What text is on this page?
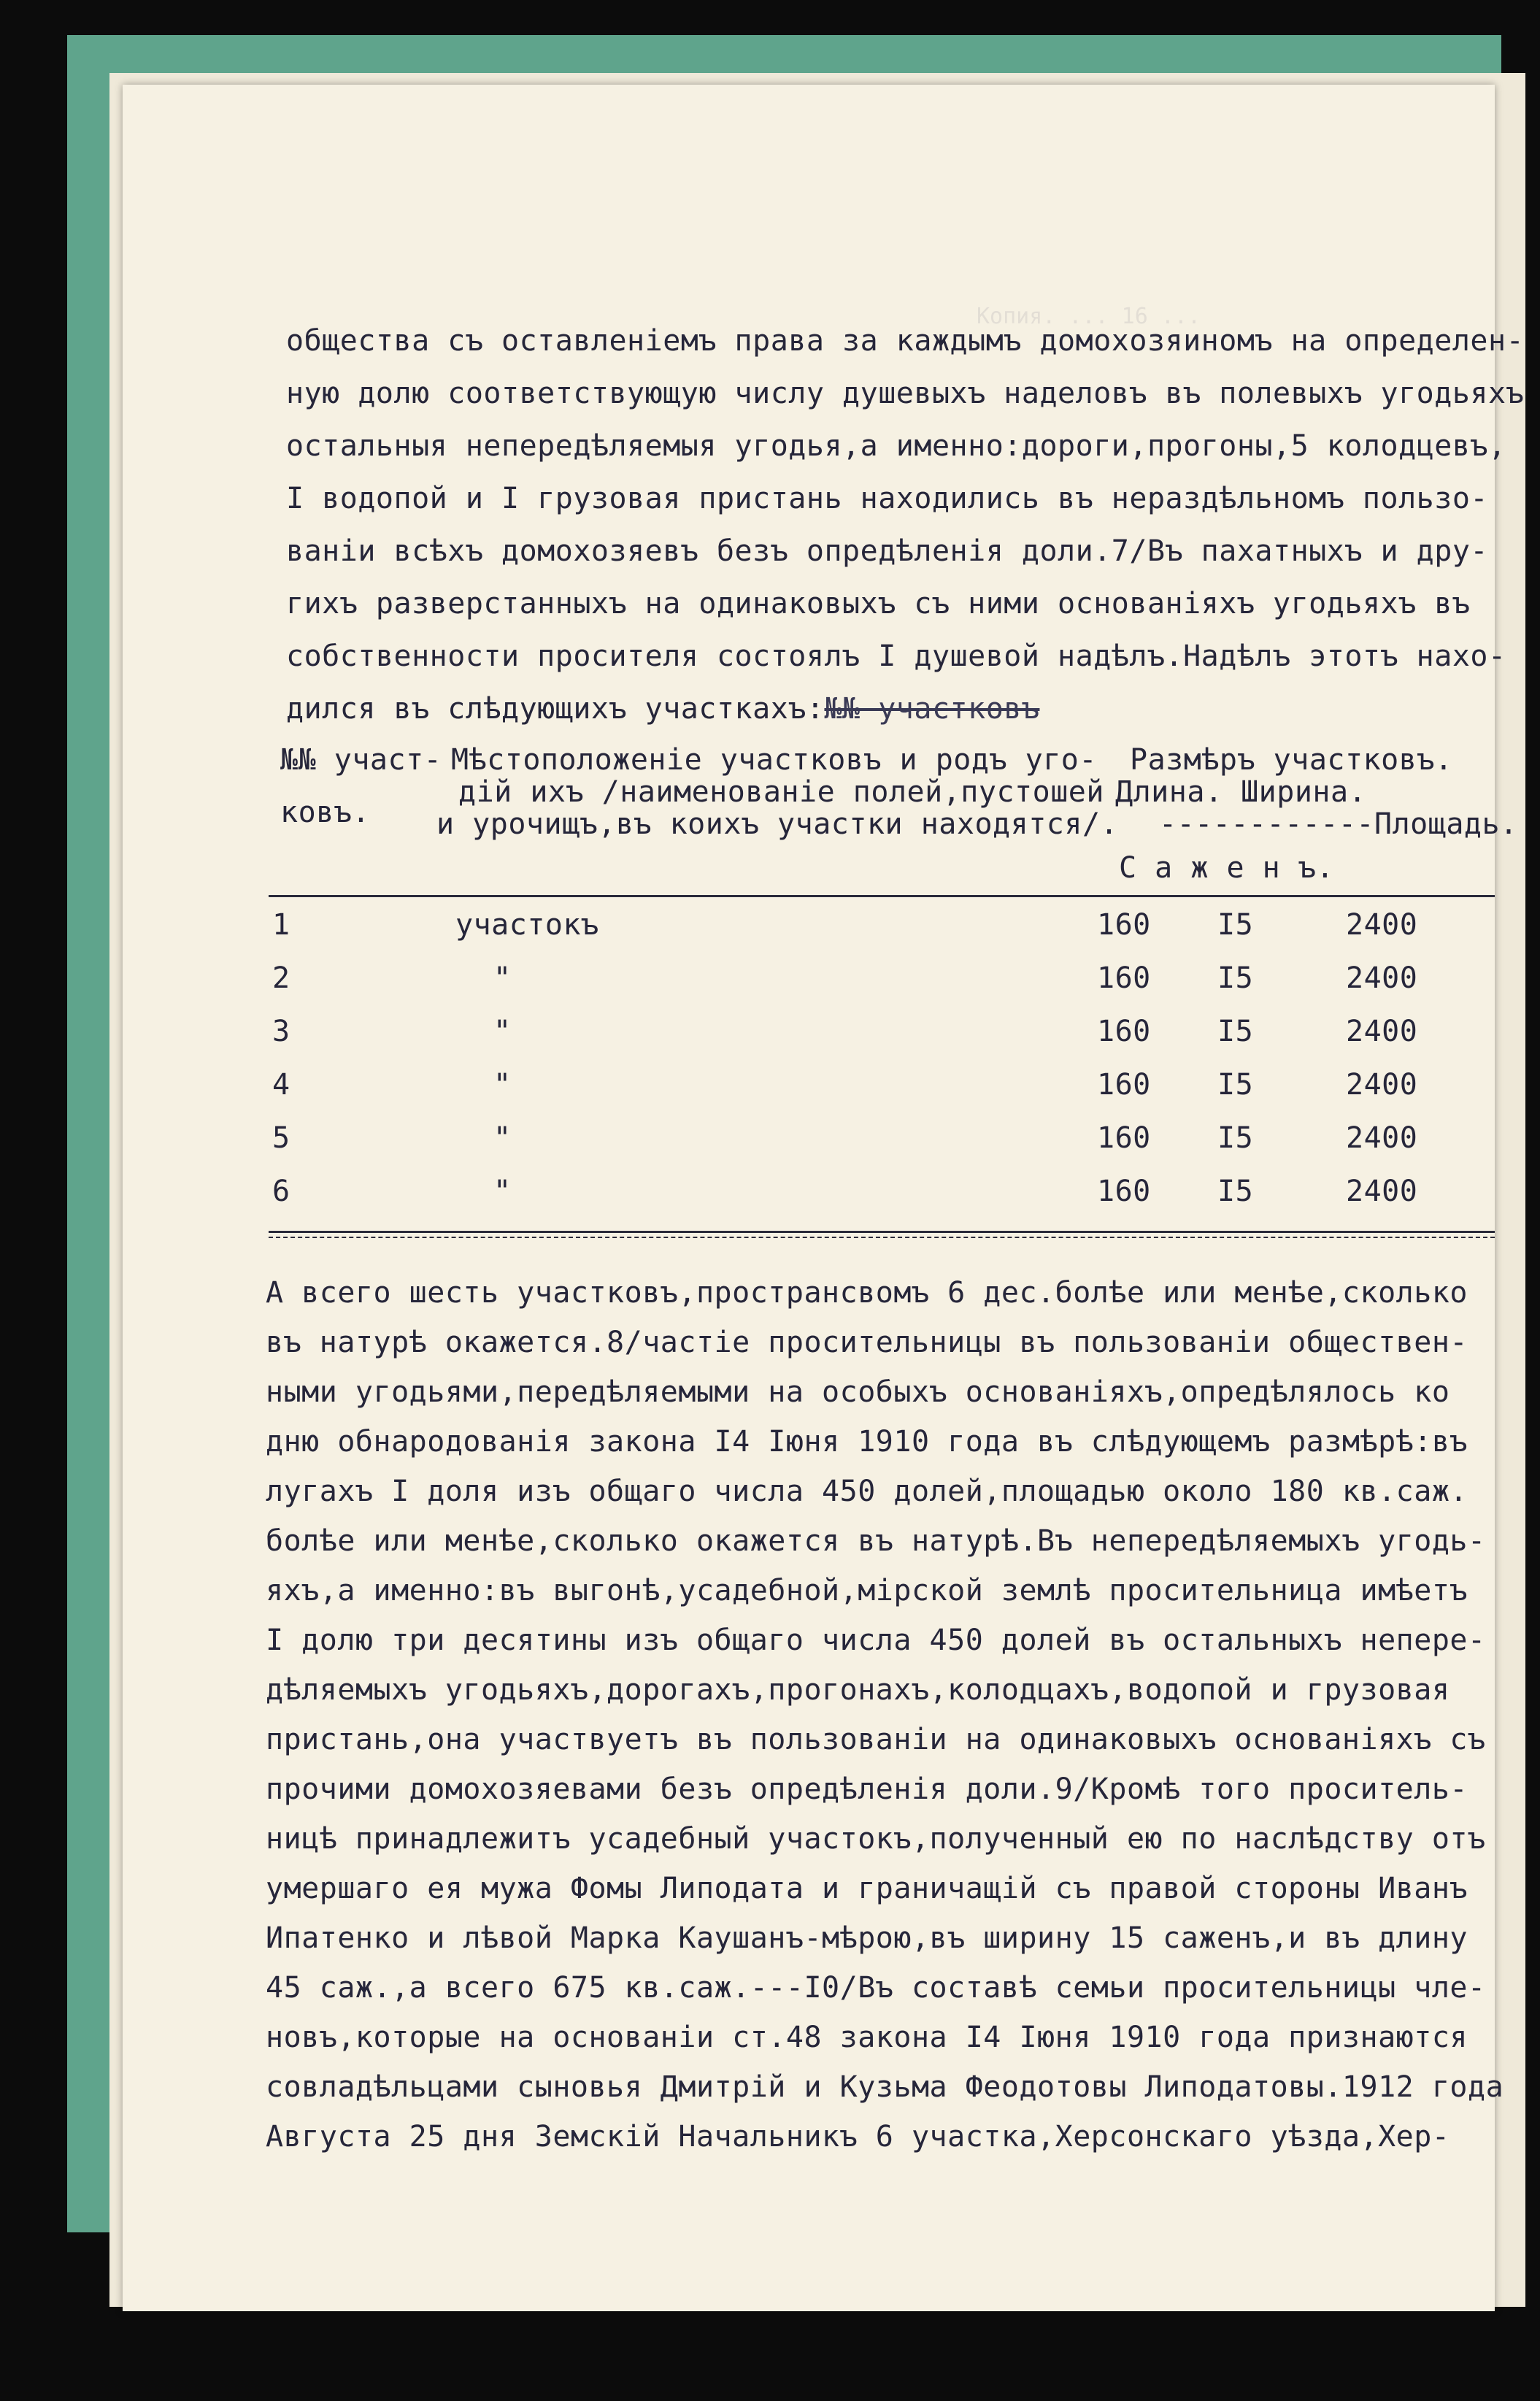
Копия. ... 16 ...
общества съ оставленіемъ права за каждымъ домохозяиномъ на определен-
ную долю соответствующую числу душевыхъ наделовъ въ полевыхъ угодьяхъ
остальныя непередѣляемыя угодья,а именно:дороги,прогоны,5 колодцевъ,
I водопой и I грузовая пристань находились въ нераздѣльномъ пользо-
ваніи всѣхъ домохозяевъ безъ опредѣленія доли.7/Въ пахатныхъ и дру-
гихъ разверстанныхъ на одинаковыхъ съ ними основаніяхъ угодьяхъ въ
собственности просителя состоялъ I душевой надѣлъ.Надѣлъ этотъ нахо-
дился въ слѣдующихъ участкахъ:№№ участковъ
№№ участ-
ковъ.
Мѣстоположеніе участковъ и родъ уго-
дій ихъ /наименованіе полей,пустошей
и урочищъ,въ коихъ участки находятся/.
Размѣръ участковъ.
Длина. Ширина.
------------Площадь.
С а ж е н ъ.
1	участокъ	160 I5	2400
2	"	160 I5	2400
3	"	160 I5	2400
4	"	160 I5	2400
5	"	160 I5	2400
6	"	160 I5	2400
А всего шесть участковъ,пространсвомъ 6 дес.болѣе или менѣе,сколько
въ натурѣ окажется.8/частіе просительницы въ пользованіи обществен-
ными угодьями,передѣляемыми на особыхъ основаніяхъ,опредѣлялось ко
дню обнародованія закона I4 Іюня 1910 года въ слѣдующемъ размѣрѣ:въ
лугахъ I доля изъ общаго числа 450 долей,площадью около 180 кв.саж.
болѣе или менѣе,сколько окажется въ натурѣ.Въ непередѣляемыхъ угодь-
яхъ,а именно:въ выгонѣ,усадебной,мірской землѣ просительница имѣетъ
I долю три десятины изъ общаго числа 450 долей въ остальныхъ непере-
дѣляемыхъ угодьяхъ,дорогахъ,прогонахъ,колодцахъ,водопой и грузовая
пристань,она участвуетъ въ пользованіи на одинаковыхъ основаніяхъ съ
прочими домохозяевами безъ опредѣленія доли.9/Кромѣ того проситель-
ницѣ принадлежитъ усадебный участокъ,полученный ею по наслѣдству отъ
умершаго ея мужа Фомы Липодата и граничащій съ правой стороны Иванъ
Ипатенко и лѣвой Марка Каушанъ-мѣрою,въ ширину 15 саженъ,и въ длину
45 саж.,а всего 675 кв.саж.---I0/Въ составѣ семьи просительницы чле-
новъ,которые на основаніи ст.48 закона I4 Іюня 1910 года признаются
совладѣльцами сыновья Дмитрій и Кузьма Феодотовы Липодатовы.1912 года
Августа 25 дня Земскій Начальникъ 6 участка,Херсонскаго уѣзда,Хер-
